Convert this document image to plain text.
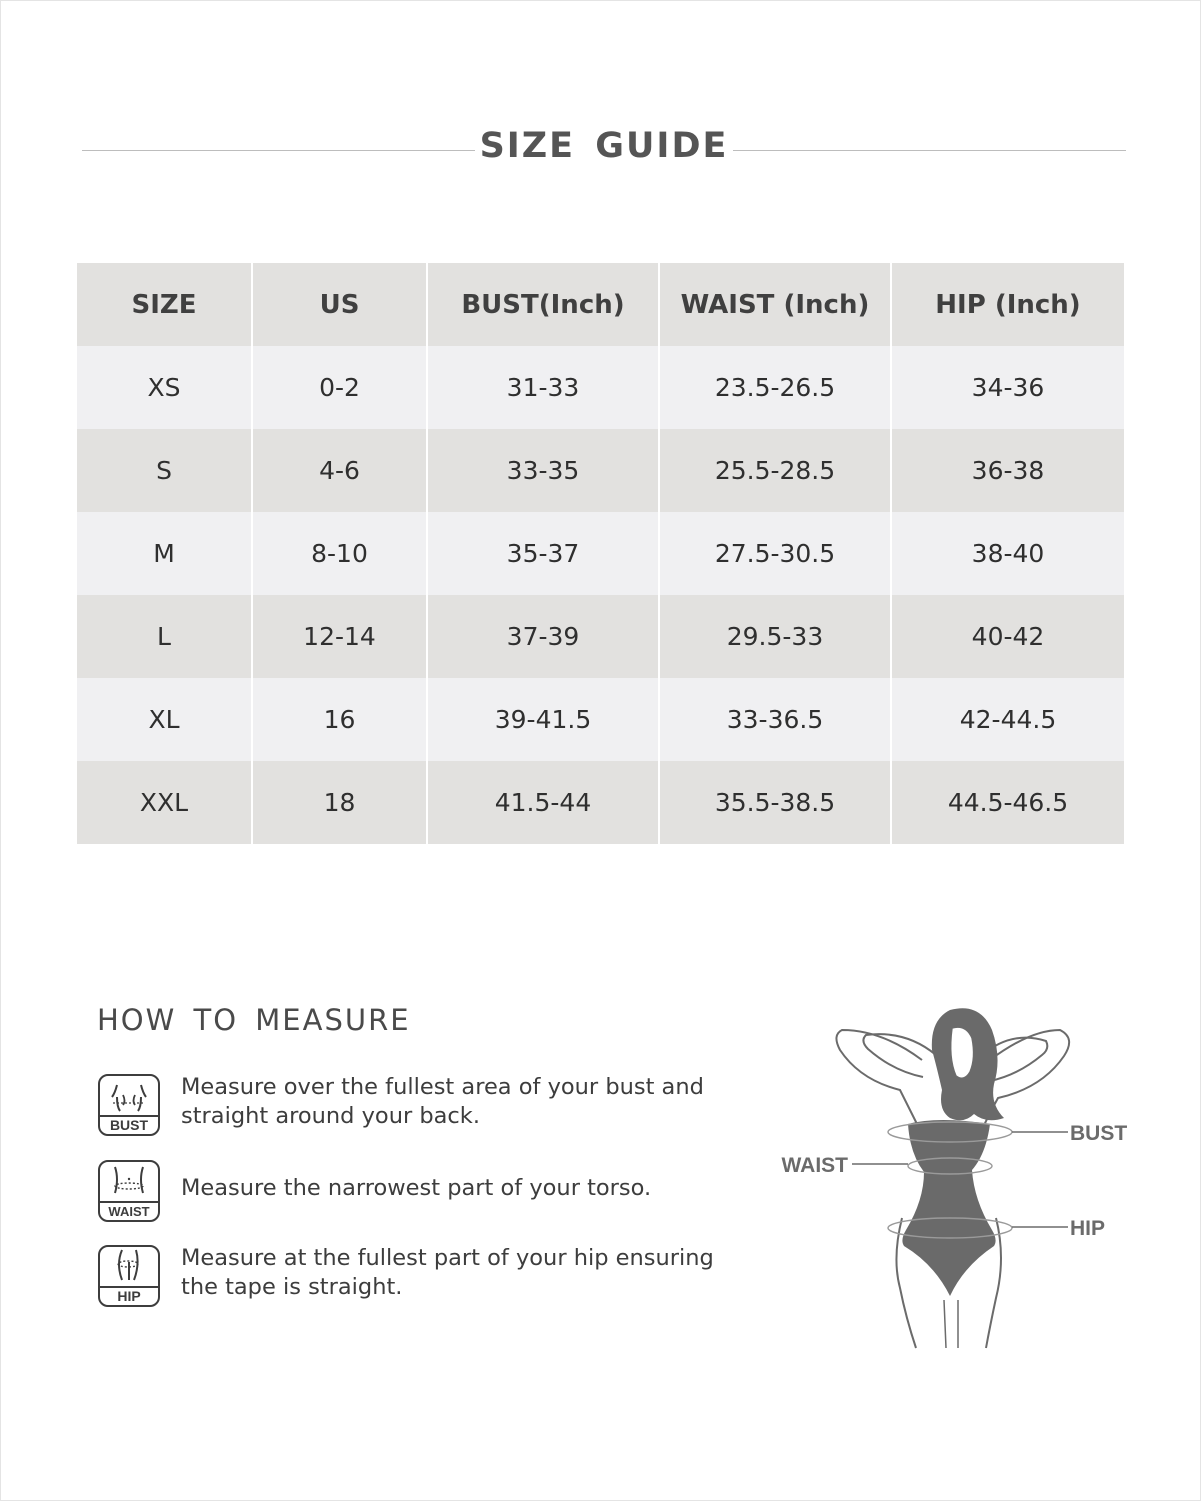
SIZE GUIDE
SIZE	US	BUST(Inch)	WAIST (Inch)	HIP (Inch)
XS	0-2	31-33	23.5-26.5	34-36
S	4-6	33-35	25.5-28.5	36-38
M	8-10	35-37	27.5-30.5	38-40
L	12-14	37-39	29.5-33	40-42
XL	16	39-41.5	33-36.5	42-44.5
XXL	18	41.5-44	35.5-38.5	44.5-46.5
HOW TO MEASURE
BUST
Measure over the fullest area of your bust and
straight around your back.
WAIST
Measure the narrowest part of your torso.
HIP
Measure at the fullest part of your hip ensuring
the tape is straight.
BUST
WAIST
HIP
